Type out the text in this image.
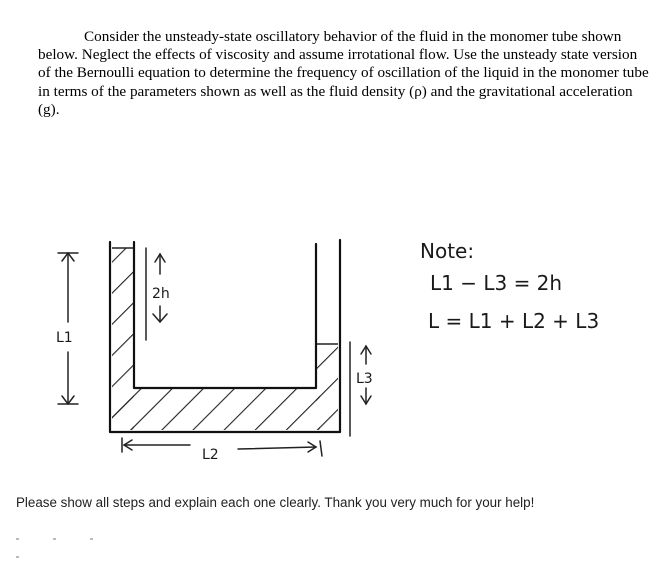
Consider the unsteady-state oscillatory behavior of the fluid in the monomer tube shown below. Neglect the effects of viscosity and assume irrotational flow. Use the unsteady state version of the Bernoulli equation to determine the frequency of oscillation of the liquid in the monomer tube in terms of the parameters shown as well as the fluid density (ρ) and the gravitational acceleration (g).

L1
2h
L2
L3
Note:
L1 − L3 = 2h
L = L1 + L2 + L3
Please show all steps and explain each one clearly. Thank you very much for your help!
